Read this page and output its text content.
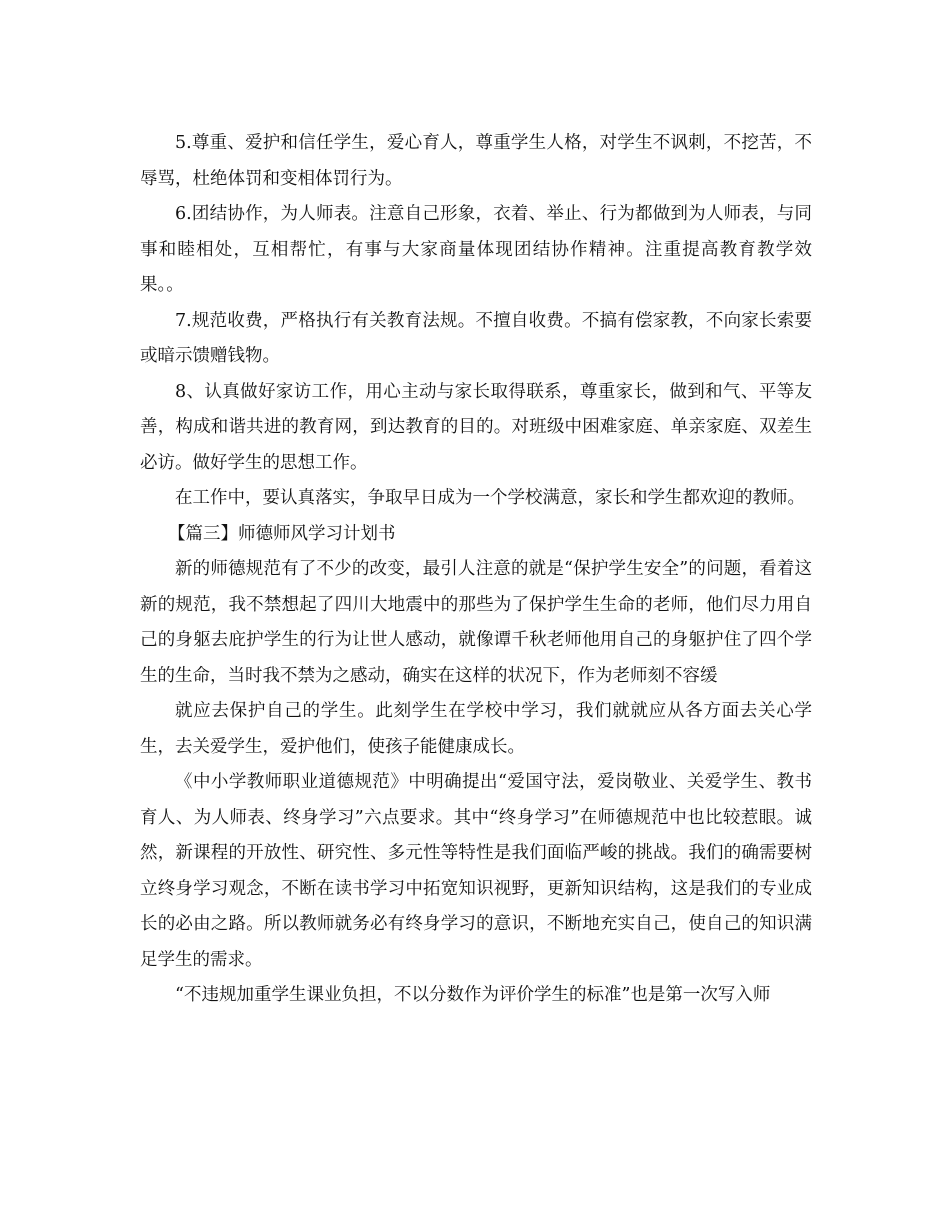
5.尊重、爱护和信任学生，爱心育人，尊重学生人格，对学生不讽刺，不挖苦，不辱骂，杜绝体罚和变相体罚行为。

6.团结协作，为人师表。注意自己形象，衣着、举止、行为都做到为人师表，与同事和睦相处，互相帮忙，有事与大家商量体现团结协作精神。注重提高教育教学效果。。

7.规范收费，严格执行有关教育法规。不擅自收费。不搞有偿家教，不向家长索要或暗示馈赠钱物。

8、认真做好家访工作，用心主动与家长取得联系，尊重家长，做到和气、平等友善，构成和谐共进的教育网，到达教育的目的。对班级中困难家庭、单亲家庭、双差生必访。做好学生的思想工作。

在工作中，要认真落实，争取早日成为一个学校满意，家长和学生都欢迎的教师。

【篇三】师德师风学习计划书

新的师德规范有了不少的改变，最引人注意的就是“保护学生安全”的问题，看着这新的规范，我不禁想起了四川大地震中的那些为了保护学生生命的老师，他们尽力用自己的身躯去庇护学生的行为让世人感动，就像谭千秋老师他用自己的身躯护住了四个学生的生命，当时我不禁为之感动，确实在这样的状况下，作为老师刻不容缓

就应去保护自己的学生。此刻学生在学校中学习，我们就就应从各方面去关心学生，去关爱学生，爱护他们，使孩子能健康成长。

《中小学教师职业道德规范》中明确提出“爱国守法，爱岗敬业、关爱学生、教书育人、为人师表、终身学习”六点要求。其中“终身学习”在师德规范中也比较惹眼。诚然，新课程的开放性、研究性、多元性等特性是我们面临严峻的挑战。我们的确需要树立终身学习观念，不断在读书学习中拓宽知识视野，更新知识结构，这是我们的专业成长的必由之路。所以教师就务必有终身学习的意识，不断地充实自己，使自己的知识满足学生的需求。

“不违规加重学生课业负担，不以分数作为评价学生的标准”也是第一次写入师
